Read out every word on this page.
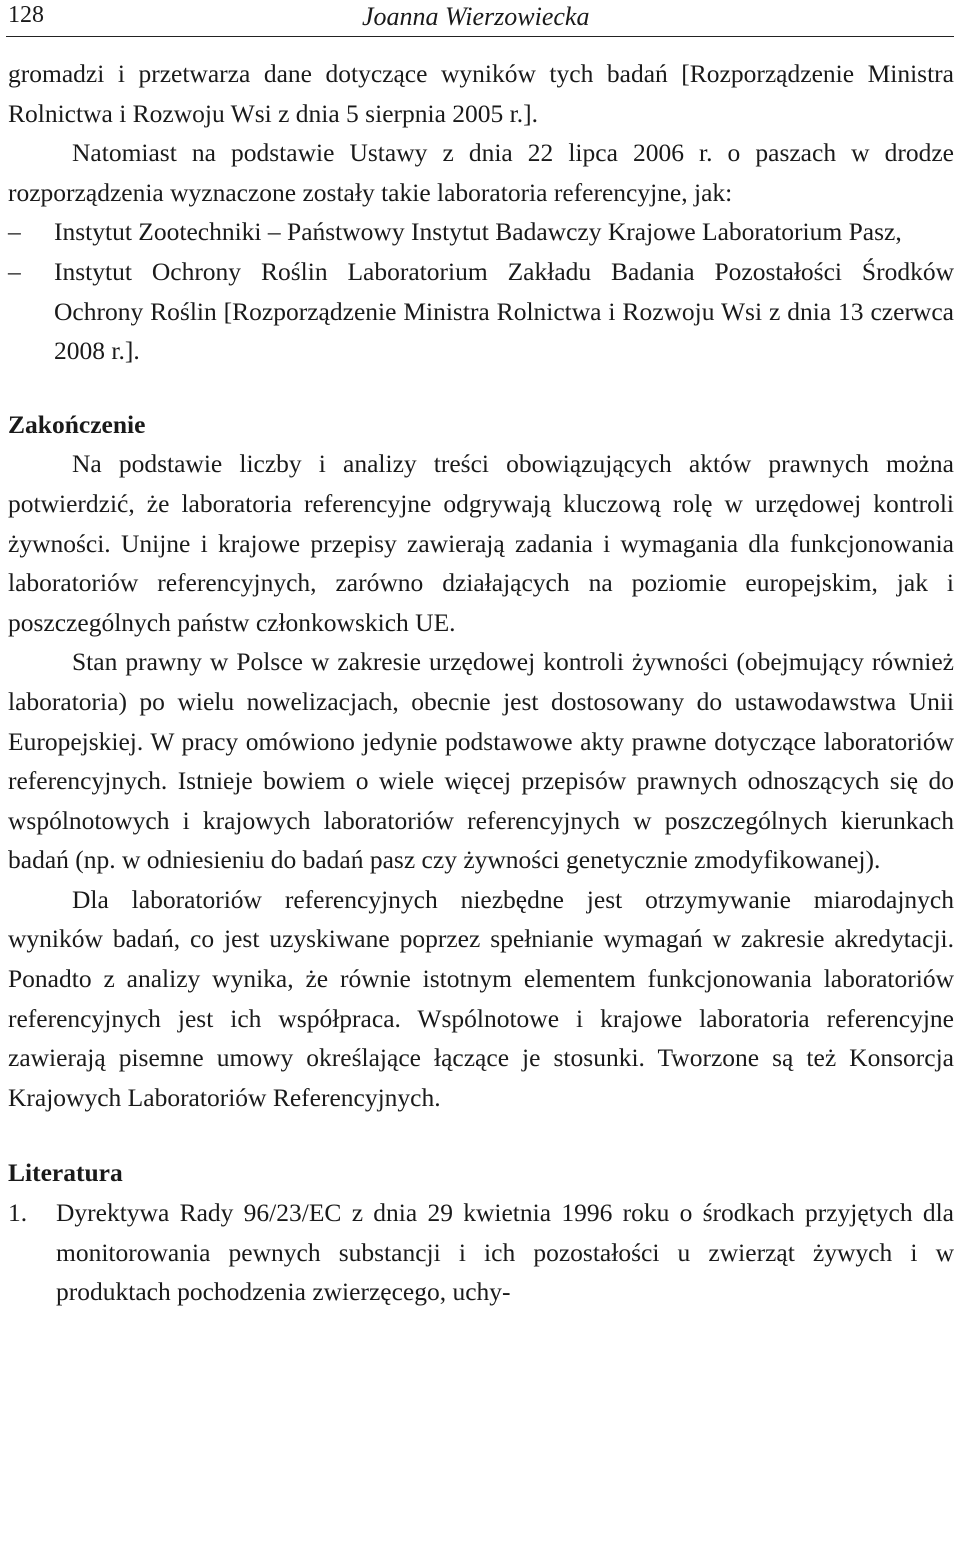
128	Joanna Wierzowiecka

gromadzi i przetwarza dane dotyczące wyników tych badań [Rozporządzenie Ministra Rolnictwa i Rozwoju Wsi z dnia 5 sierpnia 2005 r.].

Natomiast na podstawie Ustawy z dnia 22 lipca 2006 r. o paszach w drodze rozporządzenia wyznaczone zostały takie laboratoria referencyjne, jak:

–	Instytut Zootechniki – Państwowy Instytut Badawczy Krajowe Laboratorium Pasz,
–	Instytut Ochrony Roślin Laboratorium Zakładu Badania Pozostałości Środków Ochrony Roślin [Rozporządzenie Ministra Rolnictwa i Rozwoju Wsi z dnia 13 czerwca 2008 r.].
Zakończenie

Na podstawie liczby i analizy treści obowiązujących aktów prawnych można potwierdzić, że laboratoria referencyjne odgrywają kluczową rolę w urzędowej kontroli żywności. Unijne i krajowe przepisy zawierają zadania i wymagania dla funkcjonowania laboratoriów referencyjnych, zarówno działających na poziomie europejskim, jak i poszczególnych państw członkowskich UE.

Stan prawny w Polsce w zakresie urzędowej kontroli żywności (obejmujący również laboratoria) po wielu nowelizacjach, obecnie jest dostosowany do ustawodawstwa Unii Europejskiej. W pracy omówiono jedynie podstawowe akty prawne dotyczące laboratoriów referencyjnych. Istnieje bowiem o wiele więcej przepisów prawnych odnoszących się do wspólnotowych i krajowych laboratoriów referencyjnych w poszczególnych kierunkach badań (np. w odniesieniu do badań pasz czy żywności genetycznie zmodyfikowanej).

Dla laboratoriów referencyjnych niezbędne jest otrzymywanie miarodajnych wyników badań, co jest uzyskiwane poprzez spełnianie wymagań w zakresie akredytacji. Ponadto z analizy wynika, że równie istotnym elementem funkcjonowania laboratoriów referencyjnych jest ich współpraca. Wspólnotowe i krajowe laboratoria referencyjne zawierają pisemne umowy określające łączące je stosunki. Tworzone są też Konsorcja Krajowych Laboratoriów Referencyjnych.

Literatura
1. Dyrektywa Rady 96/23/EC z dnia 29 kwietnia 1996 roku o środkach przyjętych dla monitorowania pewnych substancji i ich pozostałości u zwierząt żywych i w produktach pochodzenia zwierzęcego, uchy-
